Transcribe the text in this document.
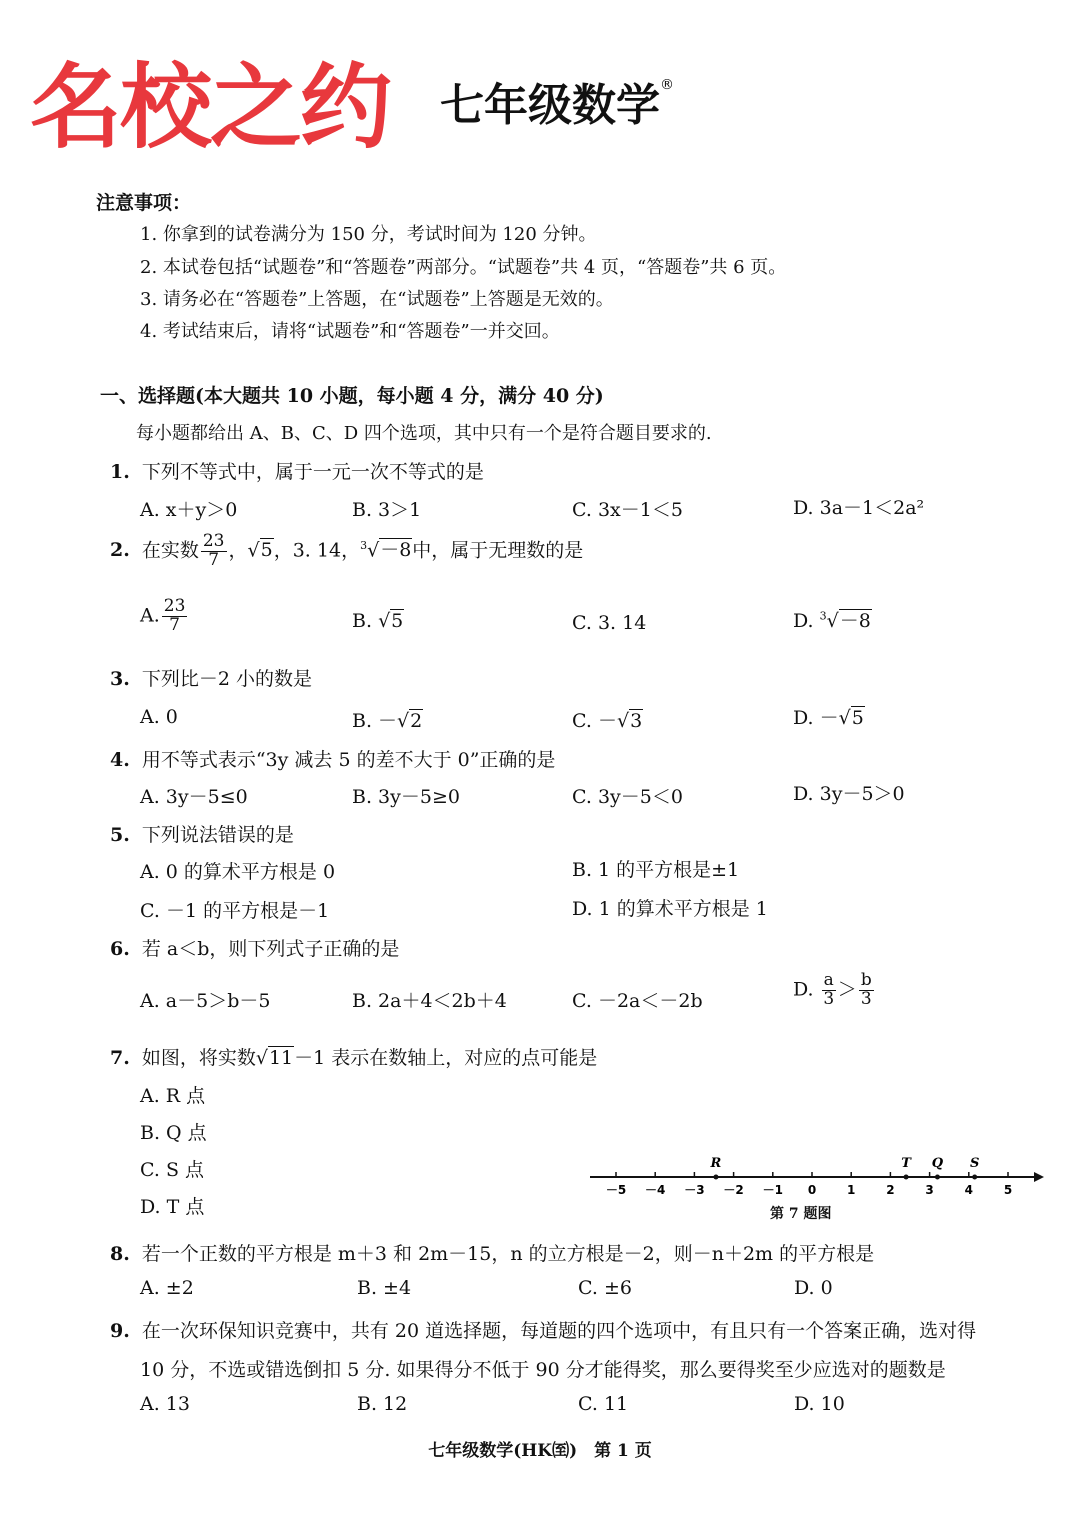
名校之约 七年级数学®
注意事项：
1. 你拿到的试卷满分为 150 分，考试时间为 120 分钟。
2. 本试卷包括“试题卷”和“答题卷”两部分。“试题卷”共 4 页，“答题卷”共 6 页。
3. 请务必在“答题卷”上答题，在“试题卷”上答题是无效的。
4. 考试结束后，请将“试题卷”和“答题卷”一并交回。
一、选择题(本大题共 10 小题，每小题 4 分，满分 40 分)
每小题都给出 A、B、C、D 四个选项，其中只有一个是符合题目要求的.
1. 下列不等式中，属于一元一次不等式的是
A. x＋y＞0	B. 3＞1	C. 3x－1＜5	D. 3a－1＜2a²
2. 在实数 $\frac{23}{7}$ ，√5，3. 14，$^3$√－8中，属于无理数的是
A. $\frac{23}{7}$	B. √5	C. 3. 14	D. $^3$√－8
3. 下列比－2 小的数是
A. 0	B. －√2	C. －√3	D. －√5
4. 用不等式表示“3y 减去 5 的差不大于 0”正确的是
A. 3y－5≤0	B. 3y－5≥0	C. 3y－5＜0	D. 3y－5＞0
5. 下列说法错误的是
A. 0 的算术平方根是 0	B. 1 的平方根是±1
C. －1 的平方根是－1	D. 1 的算术平方根是 1
6. 若 a＜b，则下列式子正确的是
A. a－5＞b－5	B. 2a＋4＜2b＋4	C. －2a＜－2b
D. $\frac{a}{3} > \frac{b}{3}$
7. 如图，将实数√11－1 表示在数轴上，对应的点可能是
A. R 点
B. Q 点
C. S 点
D. T 点
－5 －4 －3 －2 －1 0	1	2	3	4	5
R	T Q S
第 7 题图
8. 若一个正数的平方根是 m＋3 和 2m－15，n 的立方根是－2，则－n＋2m 的平方根是
A. ±2	B. ±4	C. ±6	D. 0
9. 在一次环保知识竞赛中，共有 20 道选择题，每道题的四个选项中，有且只有一个答案正确，选对得
10 分，不选或错选倒扣 5 分. 如果得分不低于 90 分才能得奖，那么要得奖至少应选对的题数是
A. 13	B. 12	C. 11	D. 10
七年级数学(HK㉃)　第 1 页
